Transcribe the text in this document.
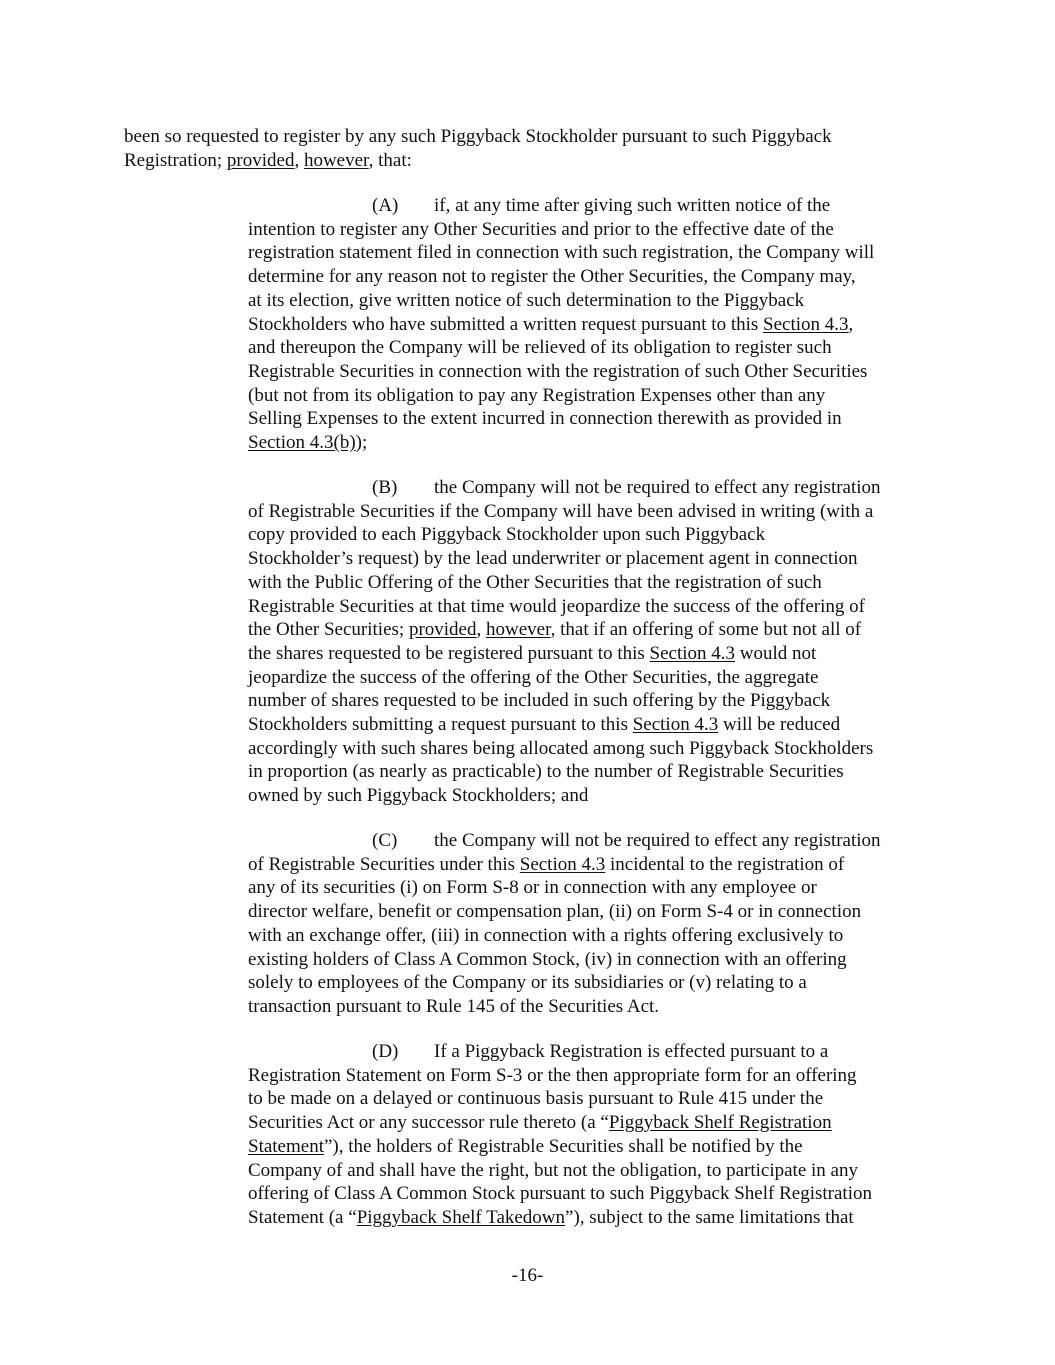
been so requested to register by any such Piggyback Stockholder pursuant to such Piggyback
Registration; provided, however, that:

(A) if, at any time after giving such written notice of the
intention to register any Other Securities and prior to the effective date of the
registration statement filed in connection with such registration, the Company will
determine for any reason not to register the Other Securities, the Company may,
at its election, give written notice of such determination to the Piggyback
Stockholders who have submitted a written request pursuant to this Section 4.3,
and thereupon the Company will be relieved of its obligation to register such
Registrable Securities in connection with the registration of such Other Securities
(but not from its obligation to pay any Registration Expenses other than any
Selling Expenses to the extent incurred in connection therewith as provided in
Section 4.3(b));

(B) the Company will not be required to effect any registration
of Registrable Securities if the Company will have been advised in writing (with a
copy provided to each Piggyback Stockholder upon such Piggyback
Stockholder’s request) by the lead underwriter or placement agent in connection
with the Public Offering of the Other Securities that the registration of such
Registrable Securities at that time would jeopardize the success of the offering of
the Other Securities; provided, however, that if an offering of some but not all of
the shares requested to be registered pursuant to this Section 4.3 would not
jeopardize the success of the offering of the Other Securities, the aggregate
number of shares requested to be included in such offering by the Piggyback
Stockholders submitting a request pursuant to this Section 4.3 will be reduced
accordingly with such shares being allocated among such Piggyback Stockholders
in proportion (as nearly as practicable) to the number of Registrable Securities
owned by such Piggyback Stockholders; and

(C) the Company will not be required to effect any registration
of Registrable Securities under this Section 4.3 incidental to the registration of
any of its securities (i) on Form S-8 or in connection with any employee or
director welfare, benefit or compensation plan, (ii) on Form S-4 or in connection
with an exchange offer, (iii) in connection with a rights offering exclusively to
existing holders of Class A Common Stock, (iv) in connection with an offering
solely to employees of the Company or its subsidiaries or (v) relating to a
transaction pursuant to Rule 145 of the Securities Act.

(D) If a Piggyback Registration is effected pursuant to a
Registration Statement on Form S-3 or the then appropriate form for an offering
to be made on a delayed or continuous basis pursuant to Rule 415 under the
Securities Act or any successor rule thereto (a “Piggyback Shelf Registration
Statement”), the holders of Registrable Securities shall be notified by the
Company of and shall have the right, but not the obligation, to participate in any
offering of Class A Common Stock pursuant to such Piggyback Shelf Registration
Statement (a “Piggyback Shelf Takedown”), subject to the same limitations that

-16-
